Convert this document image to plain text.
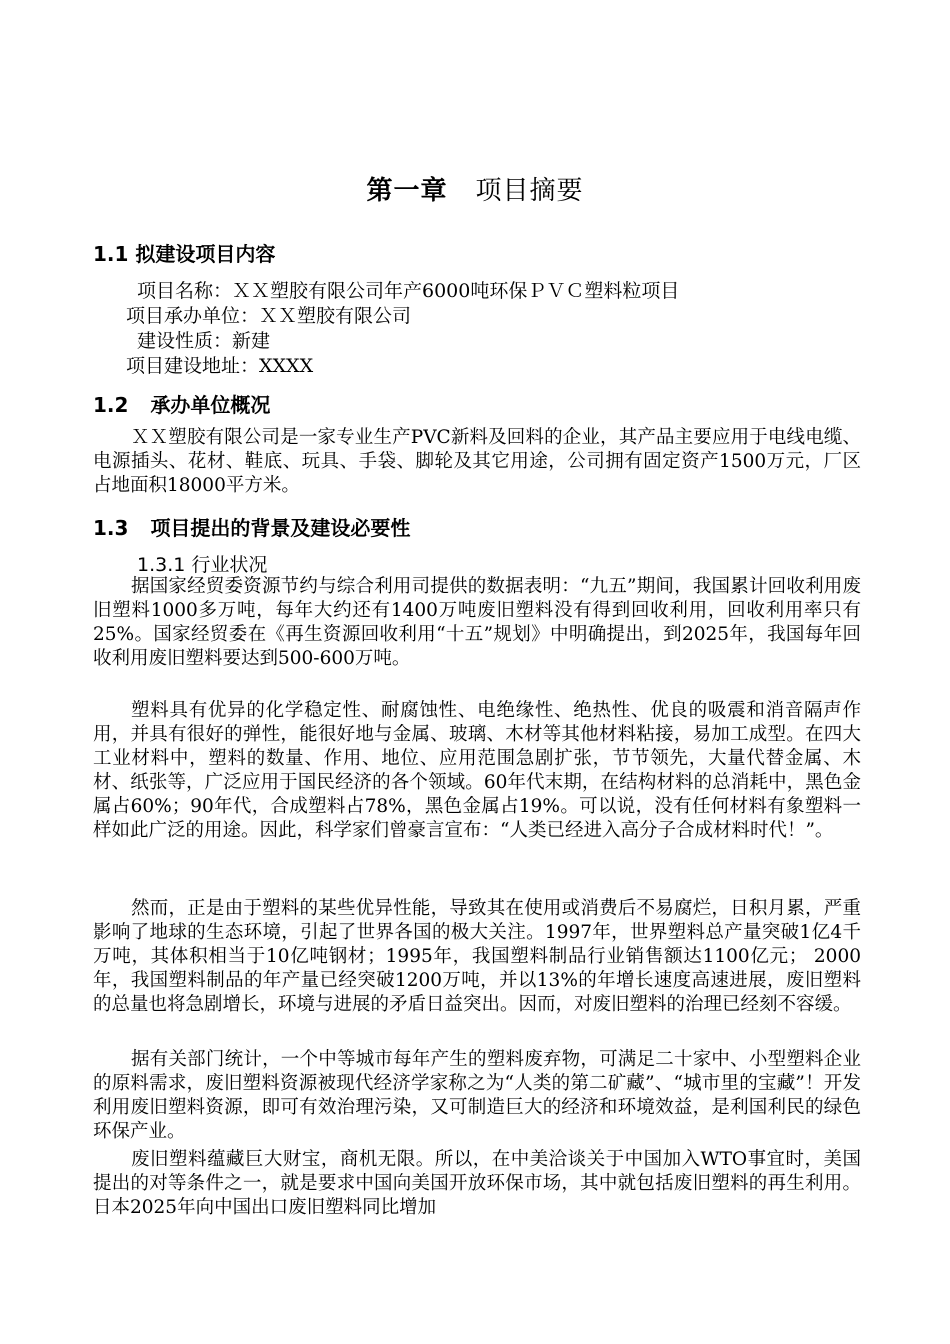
第一章 项目摘要
1.1 拟建设项目内容
项目名称：ＸＸ塑胶有限公司年产6000吨环保ＰＶＣ塑料粒项目
项目承办单位：ＸＸ塑胶有限公司
建设性质：新建
项目建设地址：XXXX
1.2 承办单位概况
ＸＸ塑胶有限公司是一家专业生产PVC新料及回料的企业，其产品主要应用于电线电缆、电源插头、花材、鞋底、玩具、手袋、脚轮及其它用途，公司拥有固定资产1500万元，厂区占地面积18000平方米。
1.3 项目提出的背景及建设必要性
1.3.1 行业状况
据国家经贸委资源节约与综合利用司提供的数据表明：“九五”期间，我国累计回收利用废旧塑料1000多万吨，每年大约还有1400万吨废旧塑料没有得到回收利用，回收利用率只有25%。国家经贸委在《再生资源回收利用“十五”规划》中明确提出，到2025年，我国每年回收利用废旧塑料要达到500-600万吨。
塑料具有优异的化学稳定性、耐腐蚀性、电绝缘性、绝热性、优良的吸震和消音隔声作用，并具有很好的弹性，能很好地与金属、玻璃、木材等其他材料粘接，易加工成型。在四大工业材料中，塑料的数量、作用、地位、应用范围急剧扩张，节节领先，大量代替金属、木材、纸张等，广泛应用于国民经济的各个领域。60年代末期，在结构材料的总消耗中，黑色金属占60%；90年代，合成塑料占78%，黑色金属占19%。可以说，没有任何材料有象塑料一样如此广泛的用途。因此，科学家们曾豪言宣布：“人类已经进入高分子合成材料时代！”。
然而，正是由于塑料的某些优异性能，导致其在使用或消费后不易腐烂，日积月累，严重影响了地球的生态环境，引起了世界各国的极大关注。1997年，世界塑料总产量突破1亿4千万吨，其体积相当于10亿吨钢材；1995年，我国塑料制品行业销售额达1100亿元； 2000年，我国塑料制品的年产量已经突破1200万吨，并以13%的年增长速度高速进展，废旧塑料的总量也将急剧增长，环境与进展的矛盾日益突出。因而，对废旧塑料的治理已经刻不容缓。
据有关部门统计，一个中等城市每年产生的塑料废弃物，可满足二十家中、小型塑料企业的原料需求，废旧塑料资源被现代经济学家称之为“人类的第二矿藏”、“城市里的宝藏”！开发利用废旧塑料资源，即可有效治理污染，又可制造巨大的经济和环境效益，是利国利民的绿色环保产业。
废旧塑料蕴藏巨大财宝，商机无限。所以，在中美洽谈关于中国加入WTO事宜时，美国提出的对等条件之一，就是要求中国向美国开放环保市场，其中就包括废旧塑料的再生利用。日本2025年向中国出口废旧塑料同比增加
